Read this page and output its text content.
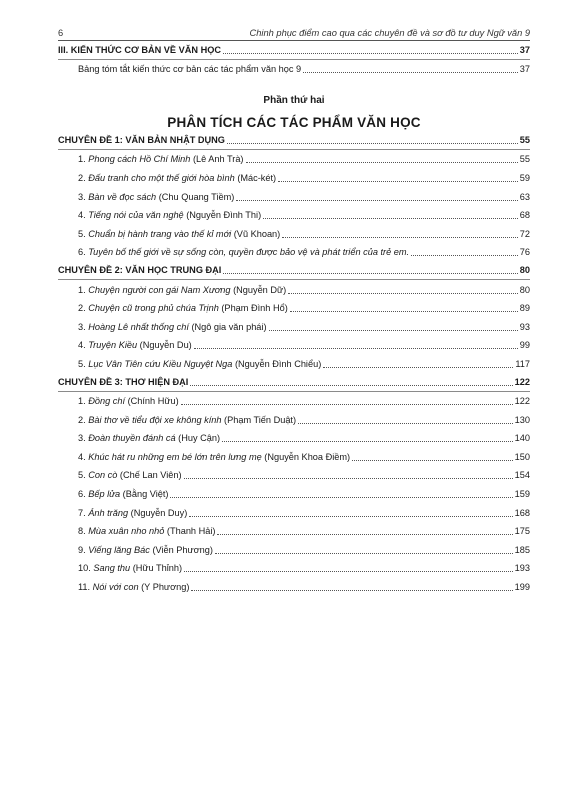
6	Chinh phục điểm cao qua các chuyên đề và sơ đồ tư duy Ngữ văn 9
III. KIẾN THỨC CƠ BẢN VỀ VĂN HỌC	37
Bảng tóm tắt kiến thức cơ bản các tác phẩm văn học 9	37
Phần thứ hai
PHÂN TÍCH CÁC TÁC PHẨM VĂN HỌC
CHUYÊN ĐỀ 1: VĂN BẢN NHẬT DỤNG	55
1. Phong cách Hồ Chí Minh (Lê Anh Trà)	55
2. Đấu tranh cho một thế giới hòa bình (Mác-két)	59
3. Bàn về đọc sách (Chu Quang Tiềm)	63
4. Tiếng nói của văn nghệ (Nguyễn Đình Thi)	68
5. Chuẩn bị hành trang vào thế kỉ mới (Vũ Khoan)	72
6. Tuyên bố thế giới về sự sống còn, quyền được bảo vệ và phát triển của trẻ em.	76
CHUYÊN ĐỀ 2: VĂN HỌC TRUNG ĐẠI	80
1. Chuyện người con gái Nam Xương (Nguyễn Dữ)	80
2. Chuyện cũ trong phủ chúa Trịnh (Phạm Đình Hổ)	89
3. Hoàng Lê nhất thống chí (Ngô gia văn phái)	93
4. Truyện Kiều (Nguyễn Du)	99
5. Lục Vân Tiên cứu Kiều Nguyệt Nga (Nguyễn Đình Chiểu)	117
CHUYÊN ĐỀ 3: THƠ HIỆN ĐẠI	122
1. Đồng chí (Chính Hữu)	122
2. Bài thơ về tiểu đội xe không kính (Phạm Tiến Duật)	130
3. Đoàn thuyền đánh cá (Huy Cận)	140
4. Khúc hát ru những em bé lớn trên lưng mẹ (Nguyễn Khoa Điềm)	150
5. Con cò (Chế Lan Viên)	154
6. Bếp lửa (Bằng Việt)	159
7. Ánh trăng (Nguyễn Duy)	168
8. Mùa xuân nho nhỏ (Thanh Hải)	175
9. Viếng lăng Bác (Viễn Phương)	185
10. Sang thu (Hữu Thỉnh)	193
11. Nói với con (Y Phương)	199
